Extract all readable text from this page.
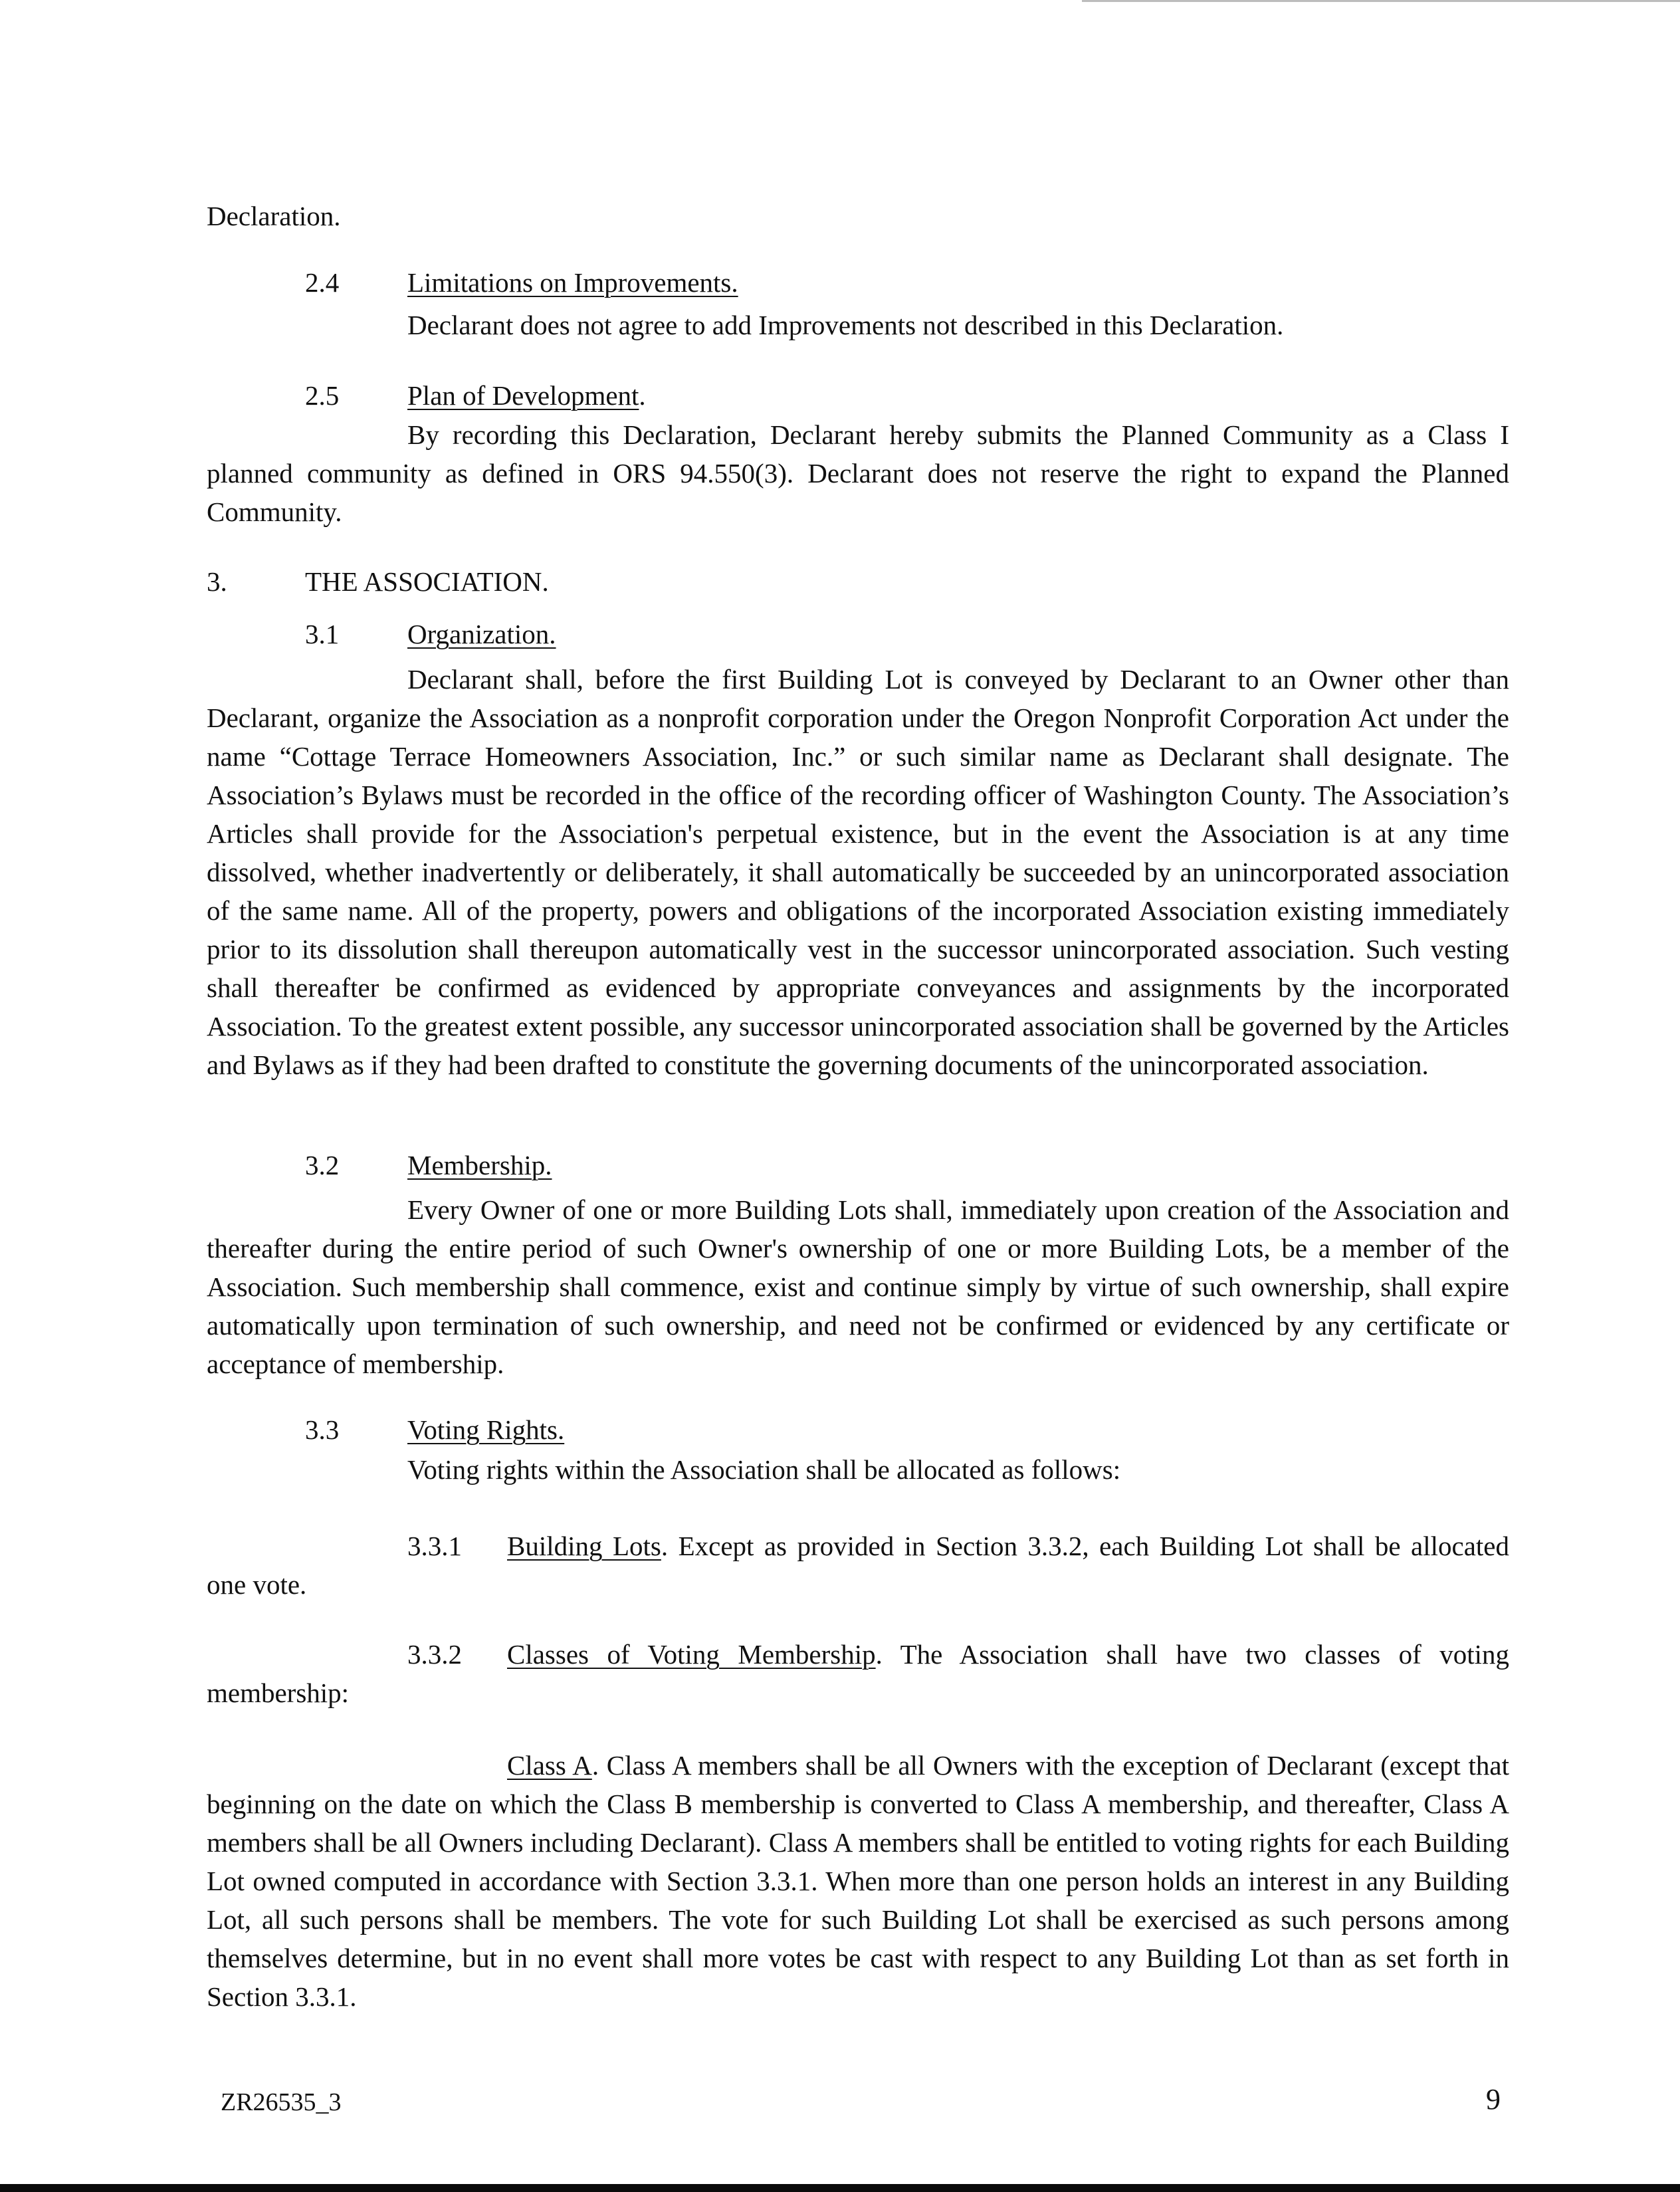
Declaration.
2.4	Limitations on Improvements.
Declarant does not agree to add Improvements not described in this Declaration.
2.5	Plan of Development.

By recording this Declaration, Declarant hereby submits the Planned Community as a Class I planned community as defined in ORS 94.550(3). Declarant does not reserve the right to expand the Planned Community.

3.	THE ASSOCIATION.
3.1	Organization.

Declarant shall, before the first Building Lot is conveyed by Declarant to an Owner other than Declarant, organize the Association as a nonprofit corporation under the Oregon Nonprofit Corporation Act under the name “Cottage Terrace Homeowners Association, Inc.” or such similar name as Declarant shall designate. The Association’s Bylaws must be recorded in the office of the recording officer of Washington County. The Association’s Articles shall provide for the Association's perpetual existence, but in the event the Association is at any time dissolved, whether inadvertently or deliberately, it shall automatically be succeeded by an unincorporated association of the same name. All of the property, powers and obligations of the incorporated Association existing immediately prior to its dissolution shall thereupon automatically vest in the successor unincorporated association. Such vesting shall thereafter be confirmed as evidenced by appropriate conveyances and assignments by the incorporated Association. To the greatest extent possible, any successor unincorporated association shall be governed by the Articles and Bylaws as if they had been drafted to constitute the governing documents of the unincorporated association.

3.2	Membership.

Every Owner of one or more Building Lots shall, immediately upon creation of the Association and thereafter during the entire period of such Owner's ownership of one or more Building Lots, be a member of the Association. Such membership shall commence, exist and continue simply by virtue of such ownership, shall expire automatically upon termination of such ownership, and need not be confirmed or evidenced by any certificate or acceptance of membership.

3.3	Voting Rights.
Voting rights within the Association shall be allocated as follows:

3.3.1 Building Lots. Except as provided in Section 3.3.2, each Building Lot shall be allocated one vote.

3.3.2 Classes of Voting Membership. The Association shall have two classes of voting membership:

Class A. Class A members shall be all Owners with the exception of Declarant (except that beginning on the date on which the Class B membership is converted to Class A membership, and thereafter, Class A members shall be all Owners including Declarant). Class A members shall be entitled to voting rights for each Building Lot owned computed in accordance with Section 3.3.1. When more than one person holds an interest in any Building Lot, all such persons shall be members. The vote for such Building Lot shall be exercised as such persons among themselves determine, but in no event shall more votes be cast with respect to any Building Lot than as set forth in Section 3.3.1.

ZR26535_3	9
